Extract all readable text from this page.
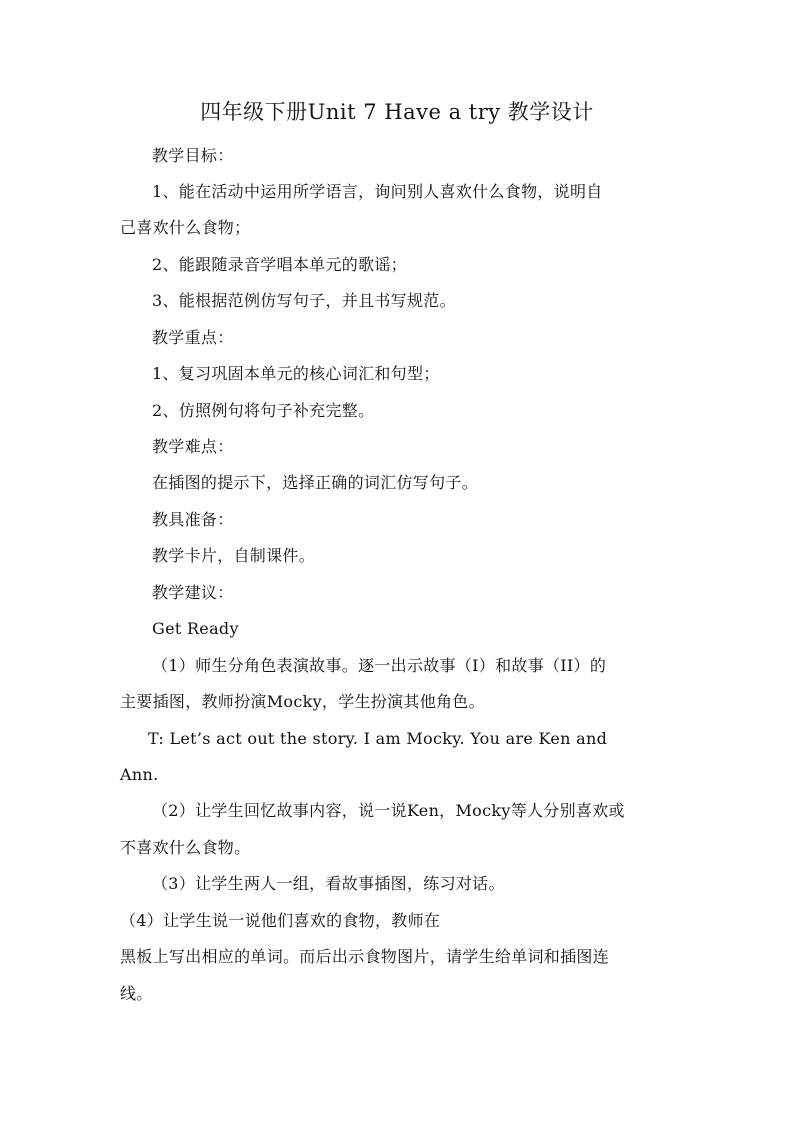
四年级下册Unit 7 Have a try 教学设计
教学目标：
1、能在活动中运用所学语言，询问别人喜欢什么食物，说明自
己喜欢什么食物；
2、能跟随录音学唱本单元的歌谣；
3、能根据范例仿写句子，并且书写规范。
教学重点：
1、复习巩固本单元的核心词汇和句型；
2、仿照例句将句子补充完整。
教学难点：
在插图的提示下，选择正确的词汇仿写句子。
教具准备：
教学卡片，自制课件。
教学建议：
Get Ready
（1）师生分角色表演故事。逐一出示故事（I）和故事（II）的
主要插图，教师扮演Mocky，学生扮演其他角色。
T: Let’s act out the story. I am Mocky. You are Ken and
Ann.
（2）让学生回忆故事内容，说一说Ken，Mocky等人分别喜欢或
不喜欢什么食物。
（3）让学生两人一组，看故事插图，练习对话。
（4）让学生说一说他们喜欢的食物，教师在
黑板上写出相应的单词。而后出示食物图片，请学生给单词和插图连
线。
